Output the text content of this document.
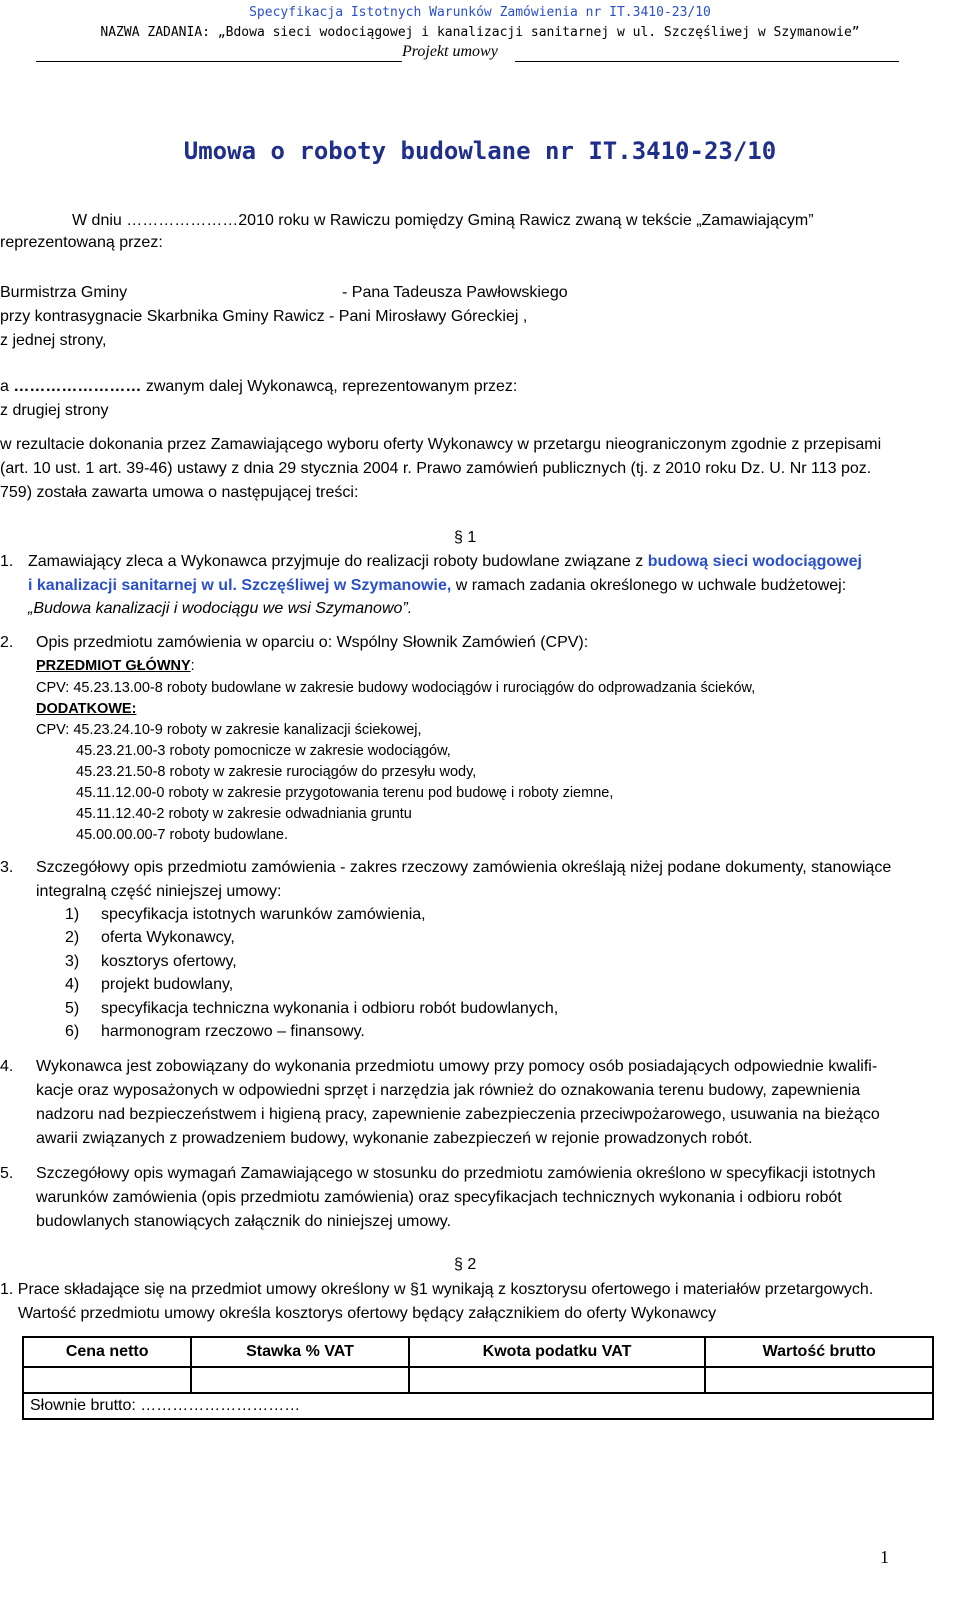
Specyfikacja Istotnych Warunków Zamówienia nr IT.3410-23/10
NAZWA ZADANIA: „Bdowa sieci wodociągowej i kanalizacji sanitarnej w ul. Szczęśliwej w Szymanowie”
Projekt umowy
Umowa o roboty budowlane nr IT.3410-23/10
W dniu …………………2010 roku w Rawiczu pomiędzy Gminą Rawicz zwaną w tekście „Zamawiającym”
reprezentowaną przez:
Burmistrza Gminy	- Pana Tadeusza Pawłowskiego
przy kontrasygnacie Skarbnika Gminy Rawicz - Pani Mirosławy Góreckiej ,
z jednej strony,
a …………………… zwanym dalej Wykonawcą, reprezentowanym przez:
z drugiej strony
w rezultacie dokonania przez Zamawiającego wyboru oferty Wykonawcy w przetargu nieograniczonym zgodnie z przepisami
(art. 10 ust. 1 art. 39-46) ustawy z dnia 29 stycznia 2004 r. Prawo zamówień publicznych (tj. z 2010 roku Dz. U. Nr 113 poz.
759) została zawarta umowa o następującej treści:
§ 1
1. Zamawiający zleca a Wykonawca przyjmuje do realizacji roboty budowlane związane z budową sieci wodociągowej
i kanalizacji sanitarnej w ul. Szczęśliwej w Szymanowie, w ramach zadania określonego w uchwale budżetowej:
„Budowa kanalizacji i wodociągu we wsi Szymanowo”.
2. Opis przedmiotu zamówienia w oparciu o: Wspólny Słownik Zamówień (CPV):
PRZEDMIOT GŁÓWNY:
CPV: 45.23.13.00-8 roboty budowlane w zakresie budowy wodociągów i rurociągów do odprowadzania ścieków,
DODATKOWE:
CPV: 45.23.24.10-9 roboty w zakresie kanalizacji ściekowej,
45.23.21.00-3 roboty pomocnicze w zakresie wodociągów,
45.23.21.50-8 roboty w zakresie rurociągów do przesyłu wody,
45.11.12.00-0 roboty w zakresie przygotowania terenu pod budowę i roboty ziemne,
45.11.12.40-2 roboty w zakresie odwadniania gruntu
45.00.00.00-7 roboty budowlane.
3. Szczegółowy opis przedmiotu zamówienia - zakres rzeczowy zamówienia określają niżej podane dokumenty, stanowiące
integralną część niniejszej umowy:
1) specyfikacja istotnych warunków zamówienia,
2) oferta Wykonawcy,
3) kosztorys ofertowy,
4) projekt budowlany,
5) specyfikacja techniczna wykonania i odbioru robót budowlanych,
6) harmonogram rzeczowo – finansowy.
4. Wykonawca jest zobowiązany do wykonania przedmiotu umowy przy pomocy osób posiadających odpowiednie kwalifi-
kacje oraz wyposażonych w odpowiedni sprzęt i narzędzia jak również do oznakowania terenu budowy, zapewnienia
nadzoru nad bezpieczeństwem i higieną pracy, zapewnienie zabezpieczenia przeciwpożarowego, usuwania na bieżąco
awarii związanych z prowadzeniem budowy, wykonanie zabezpieczeń w rejonie prowadzonych robót.
5. Szczegółowy opis wymagań Zamawiającego w stosunku do przedmiotu zamówienia określono w specyfikacji istotnych
warunków zamówienia (opis przedmiotu zamówienia) oraz specyfikacjach technicznych wykonania i odbioru robót
budowlanych stanowiących załącznik do niniejszej umowy.
§ 2
1. Prace składające się na przedmiot umowy określony w §1 wynikają z kosztorysu ofertowego i materiałów przetargowych.
Wartość przedmiotu umowy określa kosztorys ofertowy będący załącznikiem do oferty Wykonawcy
Cena netto	Stawka % VAT	Kwota podatku VAT	Wartość brutto

Słownie brutto: …………………………			
1
